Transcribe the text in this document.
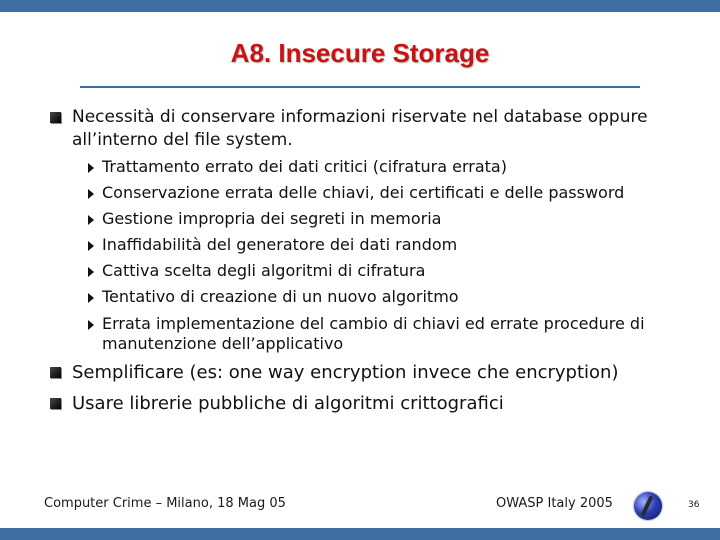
A8. Insecure Storage
Necessità di conservare informazioni riservate nel database oppure all’interno del file system.
Trattamento errato dei dati critici (cifratura errata)
Conservazione errata delle chiavi, dei certificati e delle password
Gestione impropria dei segreti in memoria
Inaffidabilità del generatore dei dati random
Cattiva scelta degli algoritmi di cifratura
Tentativo di creazione di un nuovo algoritmo
Errata implementazione del cambio di chiavi ed errate procedure di manutenzione dell’applicativo
Semplificare (es: one way encryption invece che encryption)
Usare librerie pubbliche di algoritmi crittografici
Computer Crime – Milano, 18 Mag 05	OWASP Italy 2005	36
